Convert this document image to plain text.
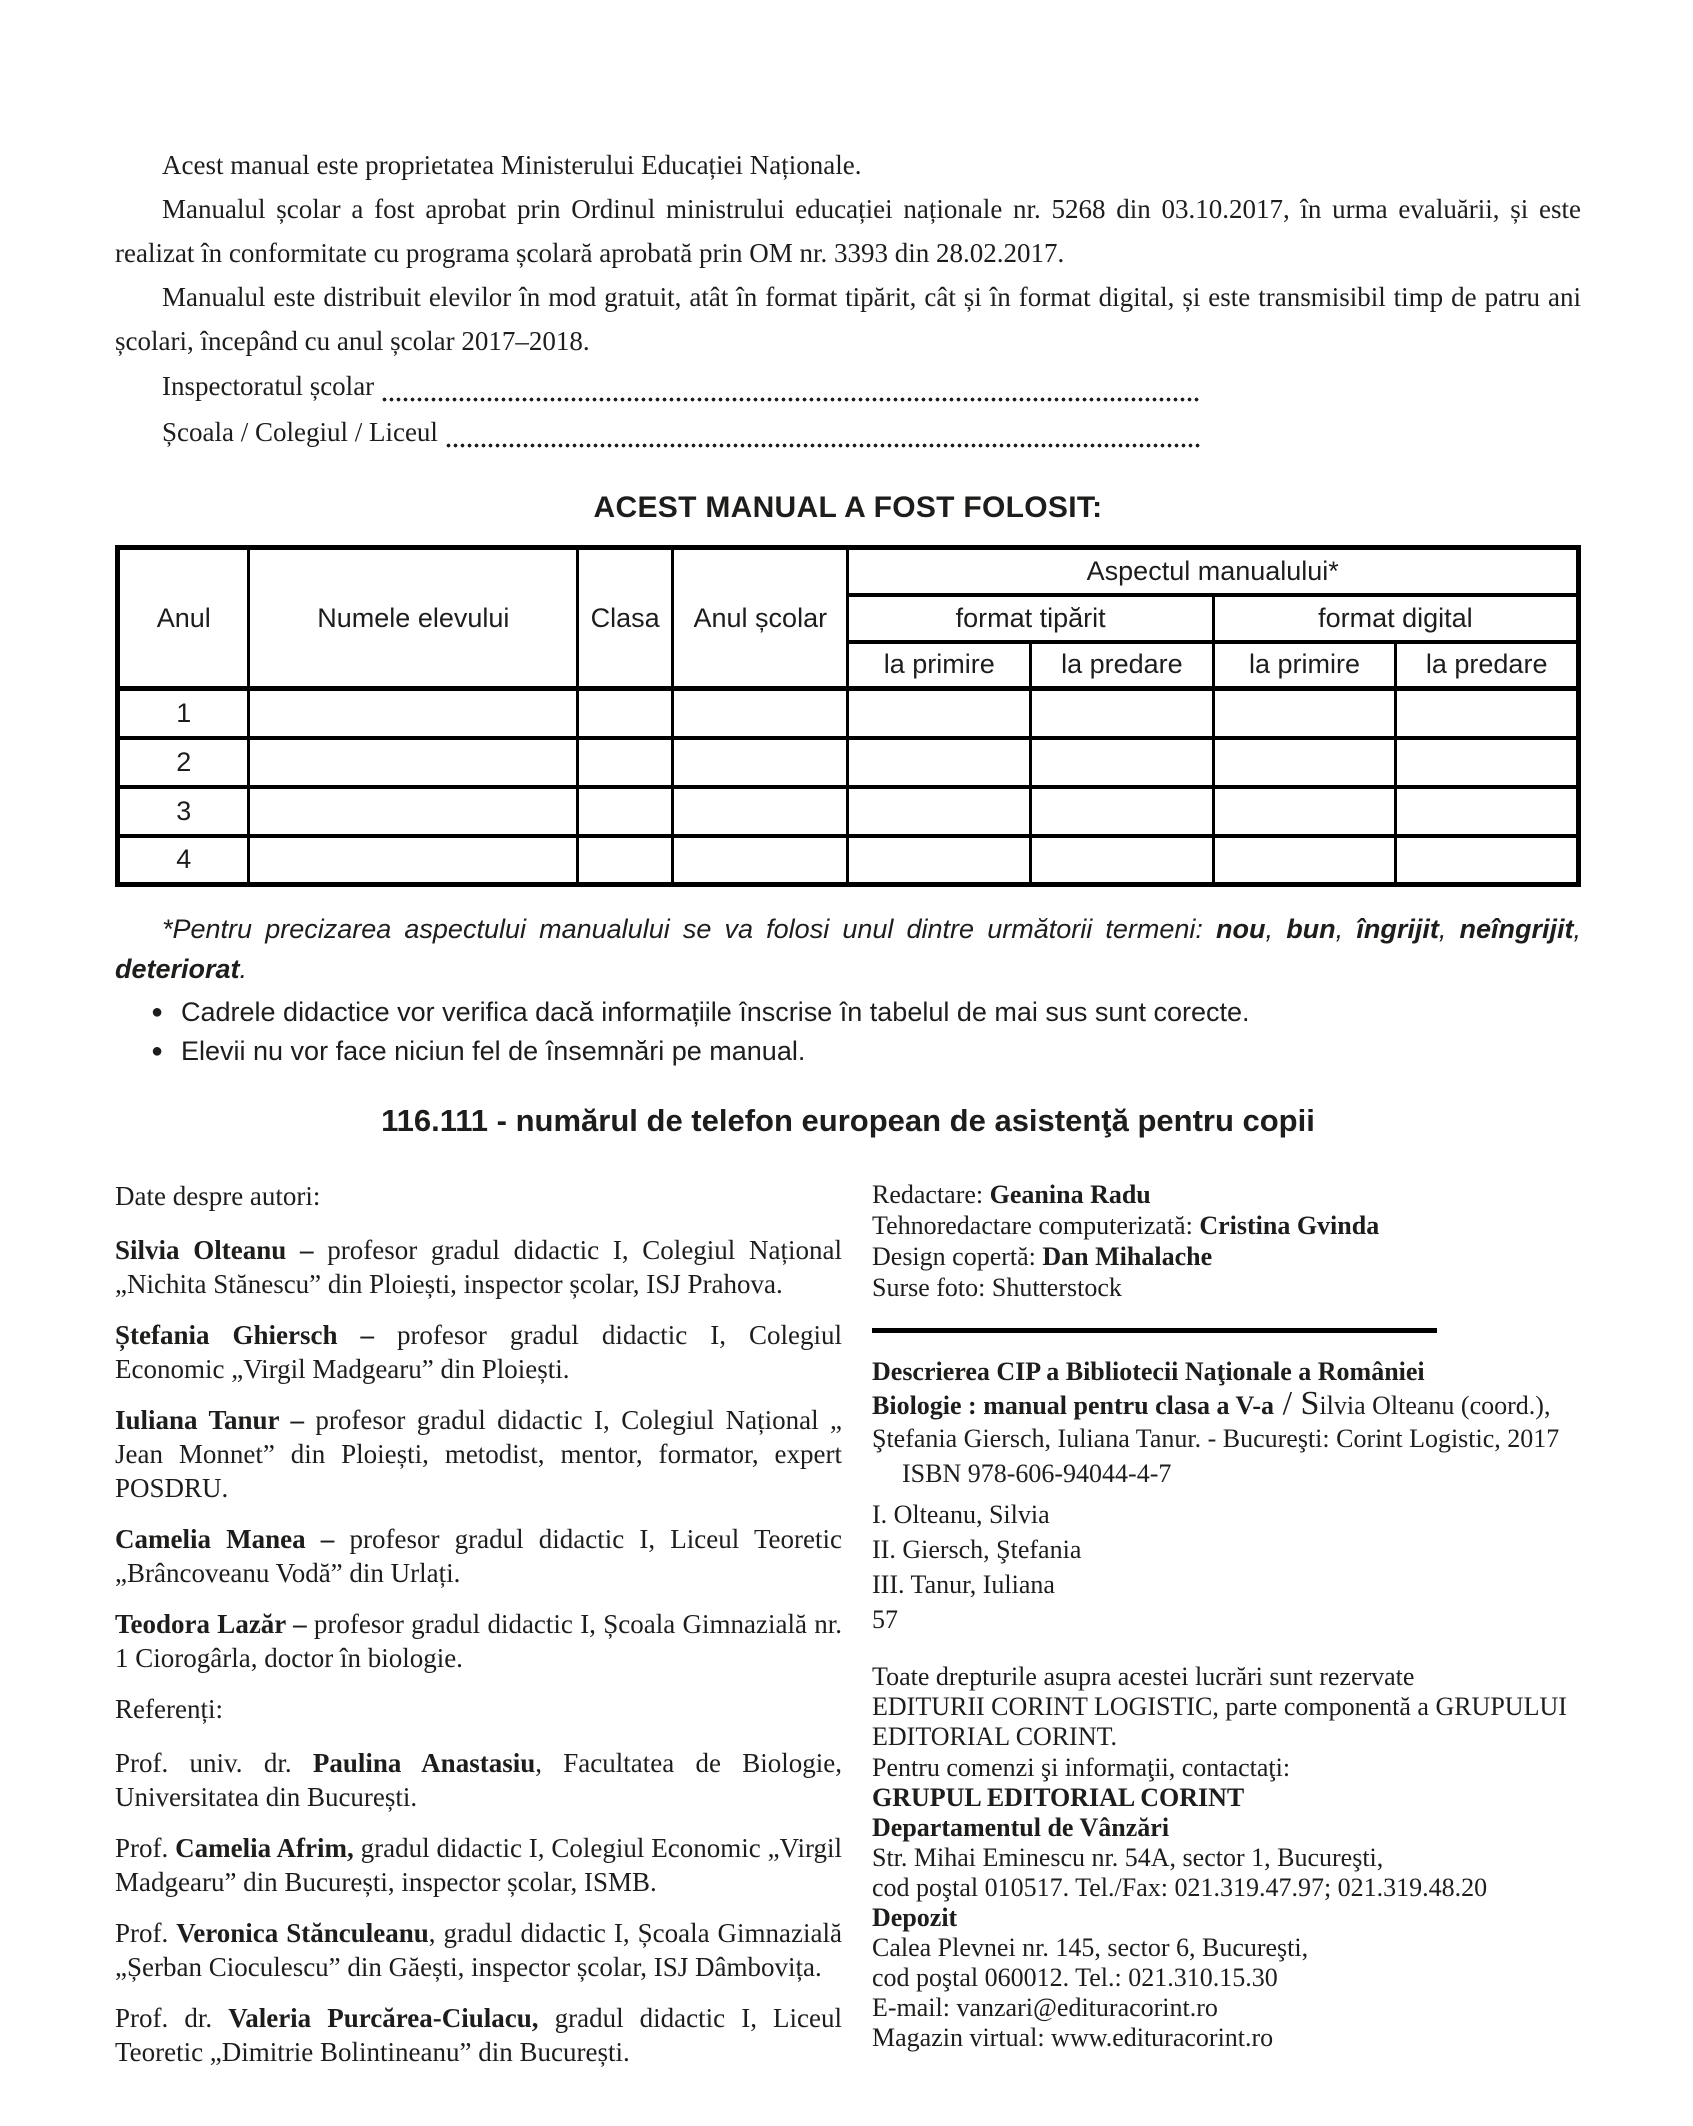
Acest manual este proprietatea Ministerului Educației Naționale.

Manualul școlar a fost aprobat prin Ordinul ministrului educației naționale nr. 5268 din 03.10.2017, în urma evaluării, și este realizat în conformitate cu programa școlară aprobată prin OM nr. 3393 din 28.02.2017.

Manualul este distribuit elevilor în mod gratuit, atât în format tipărit, cât și în format digital, și este transmisibil timp de patru ani școlari, începând cu anul școlar 2017–2018.

Inspectoratul școlar
Școala / Colegiul / Liceul
ACEST MANUAL A FOST FOLOSIT:
Anul	Numele elevului	Clasa	Anul școlar	Aspectul manualului*			
				format tipărit		format digital	
				la primire	la predare	la primire	la predare
1							
2							
3							
4							

*Pentru precizarea aspectului manualului se va folosi unul dintre următorii termeni: nou, bun, îngrijit, neîngrijit, deteriorat.

● Cadrele didactice vor verifica dacă informațiile înscrise în tabelul de mai sus sunt corecte.
● Elevii nu vor face niciun fel de însemnări pe manual.
116.111 - numărul de telefon european de asistenţă pentru copii

Date despre autori:

Silvia Olteanu – profesor gradul didactic I, Colegiul Național „Nichita Stănescu” din Ploiești, inspector școlar, ISJ Prahova.

Ștefania Ghiersch – profesor gradul didactic I, Colegiul Economic „Virgil Madgearu” din Ploiești.

Iuliana Tanur – profesor gradul didactic I, Colegiul Național „ Jean Monnet” din Ploiești, metodist, mentor, formator, expert POSDRU.

Camelia Manea – profesor gradul didactic I, Liceul Teoretic „Brâncoveanu Vodă” din Urlați.

Teodora Lazăr – profesor gradul didactic I, Școala Gimnazială nr. 1 Ciorogârla, doctor în biologie.

Referenți:

Prof. univ. dr. Paulina Anastasiu, Facultatea de Biologie, Universitatea din București.

Prof. Camelia Afrim, gradul didactic I, Colegiul Economic „Virgil Madgearu” din București, inspector școlar, ISMB.

Prof. Veronica Stănculeanu, gradul didactic I, Școala Gimnazială „Șerban Cioculescu” din Găești, inspector școlar, ISJ Dâmbovița.

Prof. dr. Valeria Purcărea-Ciulacu, gradul didactic I, Liceul Teoretic „Dimitrie Bolintineanu” din București.

Redactare: Geanina Radu

Tehnoredactare computerizată: Cristina Gvinda

Design copertă: Dan Mihalache

Surse foto: Shutterstock

Descrierea CIP a Bibliotecii Naţionale a României

Biologie : manual pentru clasa a V-a / Silvia Olteanu (coord.),

Ştefania Giersch, Iuliana Tanur. - Bucureşti: Corint Logistic, 2017

ISBN 978-606-94044-4-7

I. Olteanu, Silvia

II. Giersch, Ştefania

III. Tanur, Iuliana

57

Toate drepturile asupra acestei lucrări sunt rezervate

EDITURII CORINT LOGISTIC, parte componentă a GRUPULUI

EDITORIAL CORINT.

Pentru comenzi şi informaţii, contactaţi:

GRUPUL EDITORIAL CORINT

Departamentul de Vânzări

Str. Mihai Eminescu nr. 54A, sector 1, Bucureşti,

cod poştal 010517. Tel./Fax: 021.319.47.97; 021.319.48.20

Depozit

Calea Plevnei nr. 145, sector 6, Bucureşti,

cod poştal 060012. Tel.: 021.310.15.30

E-mail: vanzari@edituracorint.ro

Magazin virtual: www.edituracorint.ro
